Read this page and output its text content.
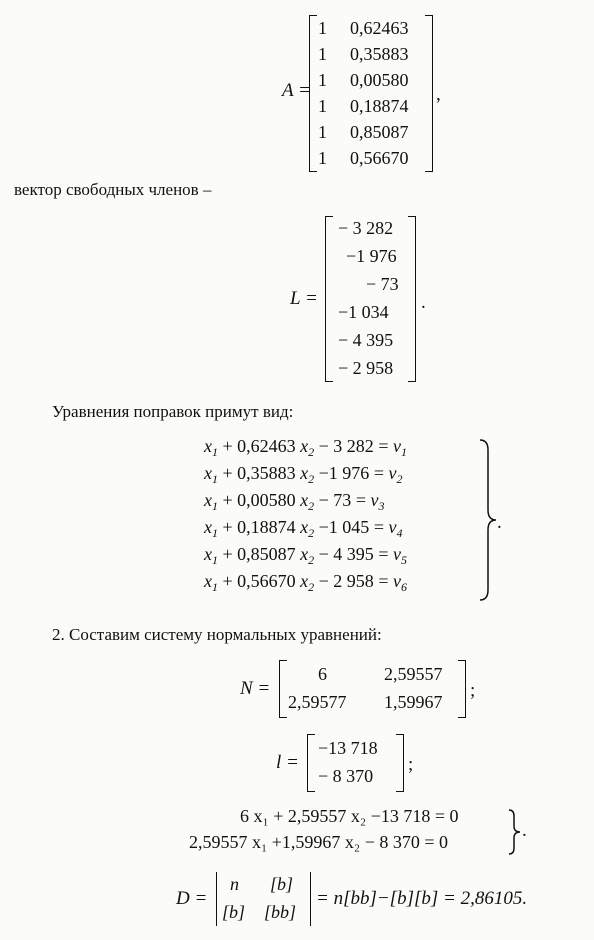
A =
1 0,62463
1 0,35883
1 0,00580
1 0,18874
1 0,85087
1 0,56670
,
вектор свободных членов –
L =
− 3 282
−1 976
− 73
−1 034
− 4 395
− 2 958
.
Уравнения поправок примут вид:
$x_1 + 0,62463$ $x_2 - 3$ $282 = v_1$
$x_1 + 0,35883$ $x_2 -1$ $976 = v_2$
$x_1 + 0,00580$ $x_2 - 73 = v_3$
$x_1 + 0,18874$ $x_2 -1$ $045 = v_4$
$x_1 + 0,85087$ $x_2 - 4$ $395 = v_5$
$x_1 + 0,56670$ $x_2 - 2$ $958 = v_6$
.
2. Составим систему нормальных уравнений:
N =
6	2,59557
2,59577 1,59967
;
l =
−13 718
− 8 370
;
6 x₁ + 2,59557 x₂ −13 718 = 0
2,59557 x₁ +1,59967 x₂ − 8 370 = 0
.
D =
n [b]
[b] [bb]
= n[bb]−[b][b] = 2,86105.
